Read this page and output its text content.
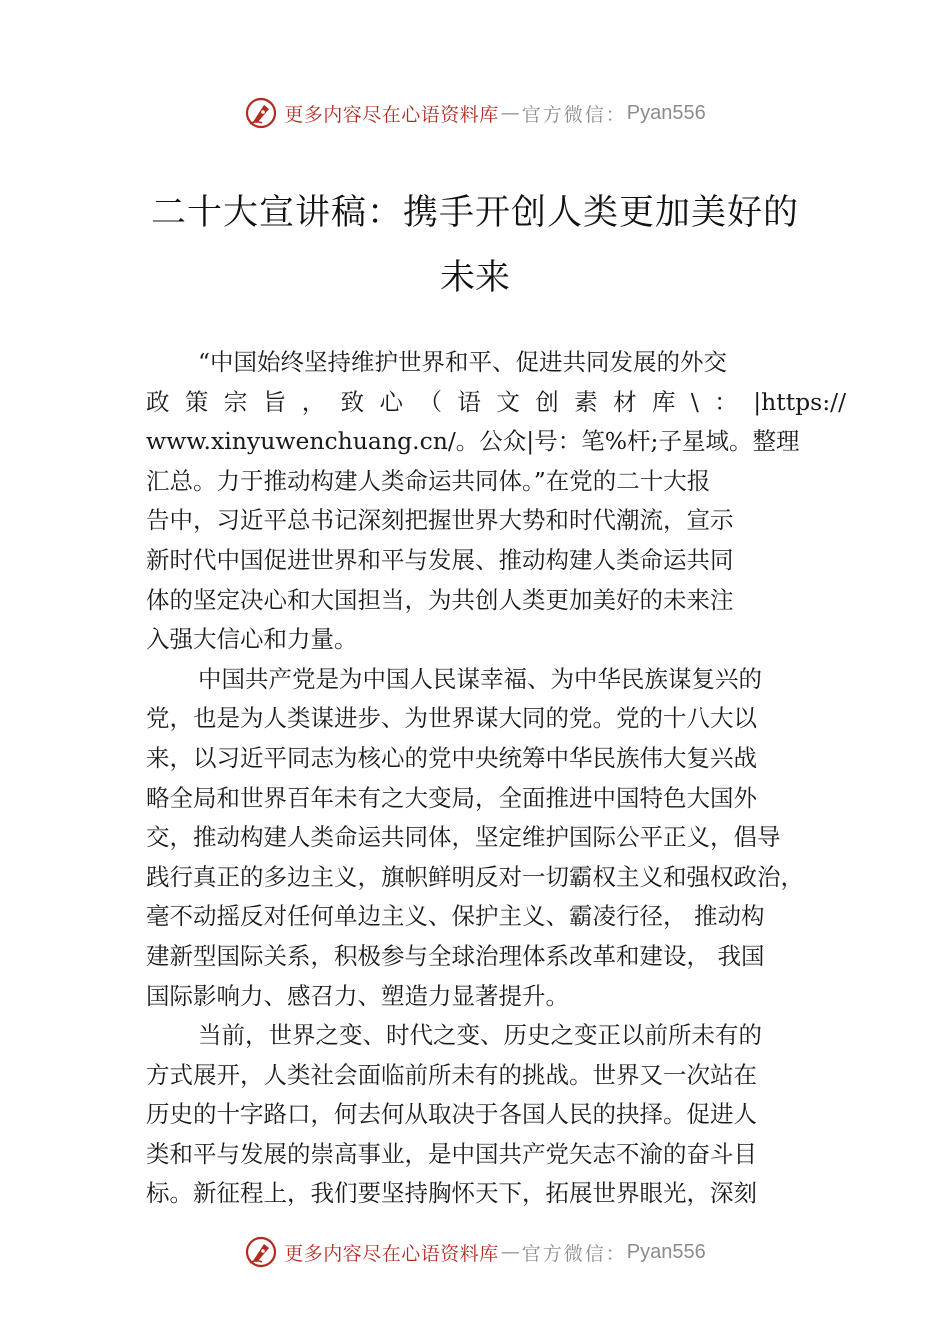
更多内容尽在心语资料库 — 官方微信： Pyan556
二十大宣讲稿：携手开创人类更加美好的
未来
“中国始终坚持维护世界和平、促进共同发展的外交
政策宗旨，致心（语文创素材库\：|https://
www.xinyuwenchuang.cn/。公众|号：笔%杆;子星域。整理
汇总。力于推动构建人类命运共同体。”在党的二十大报
告中，习近平总书记深刻把握世界大势和时代潮流，宣示
新时代中国促进世界和平与发展、推动构建人类命运共同
体的坚定决心和大国担当，为共创人类更加美好的未来注
入强大信心和力量。
中国共产党是为中国人民谋幸福、为中华民族谋复兴的
党，也是为人类谋进步、为世界谋大同的党。党的十八大以
来，以习近平同志为核心的党中央统筹中华民族伟大复兴战
略全局和世界百年未有之大变局，全面推进中国特色大国外
交，推动构建人类命运共同体，坚定维护国际公平正义，倡导
践行真正的多边主义，旗帜鲜明反对一切霸权主义和强权政治，
毫不动摇反对任何单边主义、保护主义、霸凌行径， 推动构
建新型国际关系，积极参与全球治理体系改革和建设， 我国
国际影响力、感召力、塑造力显著提升。
当前，世界之变、时代之变、历史之变正以前所未有的
方式展开，人类社会面临前所未有的挑战。世界又一次站在
历史的十字路口，何去何从取决于各国人民的抉择。促进人
类和平与发展的崇高事业，是中国共产党矢志不渝的奋斗目
标。新征程上，我们要坚持胸怀天下，拓展世界眼光，深刻
更多内容尽在心语资料库 — 官方微信： Pyan556
